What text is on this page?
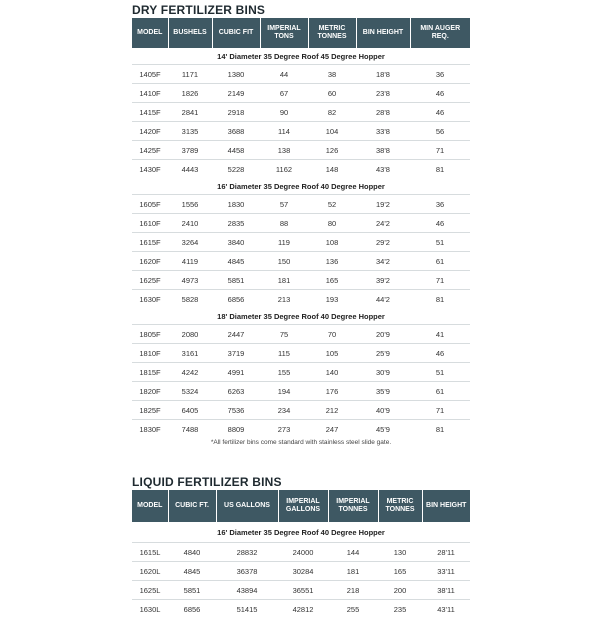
DRY FERTILIZER BINS
MODEL	BUSHELS	CUBIC FIT	IMPERIAL TONS	METRIC TONNES	BIN HEIGHT	MIN AUGER REQ.
14' Diameter 35 Degree Roof 45 Degree Hopper						
1405F	1171	1380	44	38	18'8	36
1410F	1826	2149	67	60	23'8	46
1415F	2841	2918	90	82	28'8	46
1420F	3135	3688	114	104	33'8	56
1425F	3789	4458	138	126	38'8	71
1430F	4443	5228	1162	148	43'8	81
16' Diameter 35 Degree Roof 40 Degree Hopper						
1605F	1556	1830	57	52	19'2	36
1610F	2410	2835	88	80	24'2	46
1615F	3264	3840	119	108	29'2	51
1620F	4119	4845	150	136	34'2	61
1625F	4973	5851	181	165	39'2	71
1630F	5828	6856	213	193	44'2	81
18' Diameter 35 Degree Roof 40 Degree Hopper						
1805F	2080	2447	75	70	20'9	41
1810F	3161	3719	115	105	25'9	46
1815F	4242	4991	155	140	30'9	51
1820F	5324	6263	194	176	35'9	61
1825F	6405	7536	234	212	40'9	71
1830F	7488	8809	273	247	45'9	81
*All fertilizer bins come standard with stainless steel slide gate.
LIQUID FERTILIZER BINS
MODEL	CUBIC FT.	US GALLONS	IMPERIAL GALLONS	IMPERIAL TONNES	METRIC TONNES	BIN HEIGHT
16' Diameter 35 Degree Roof 40 Degree Hopper						
1615L	4840	28832	24000	144	130	28'11
1620L	4845	36378	30284	181	165	33'11
1625L	5851	43894	36551	218	200	38'11
1630L	6856	51415	42812	255	235	43'11
